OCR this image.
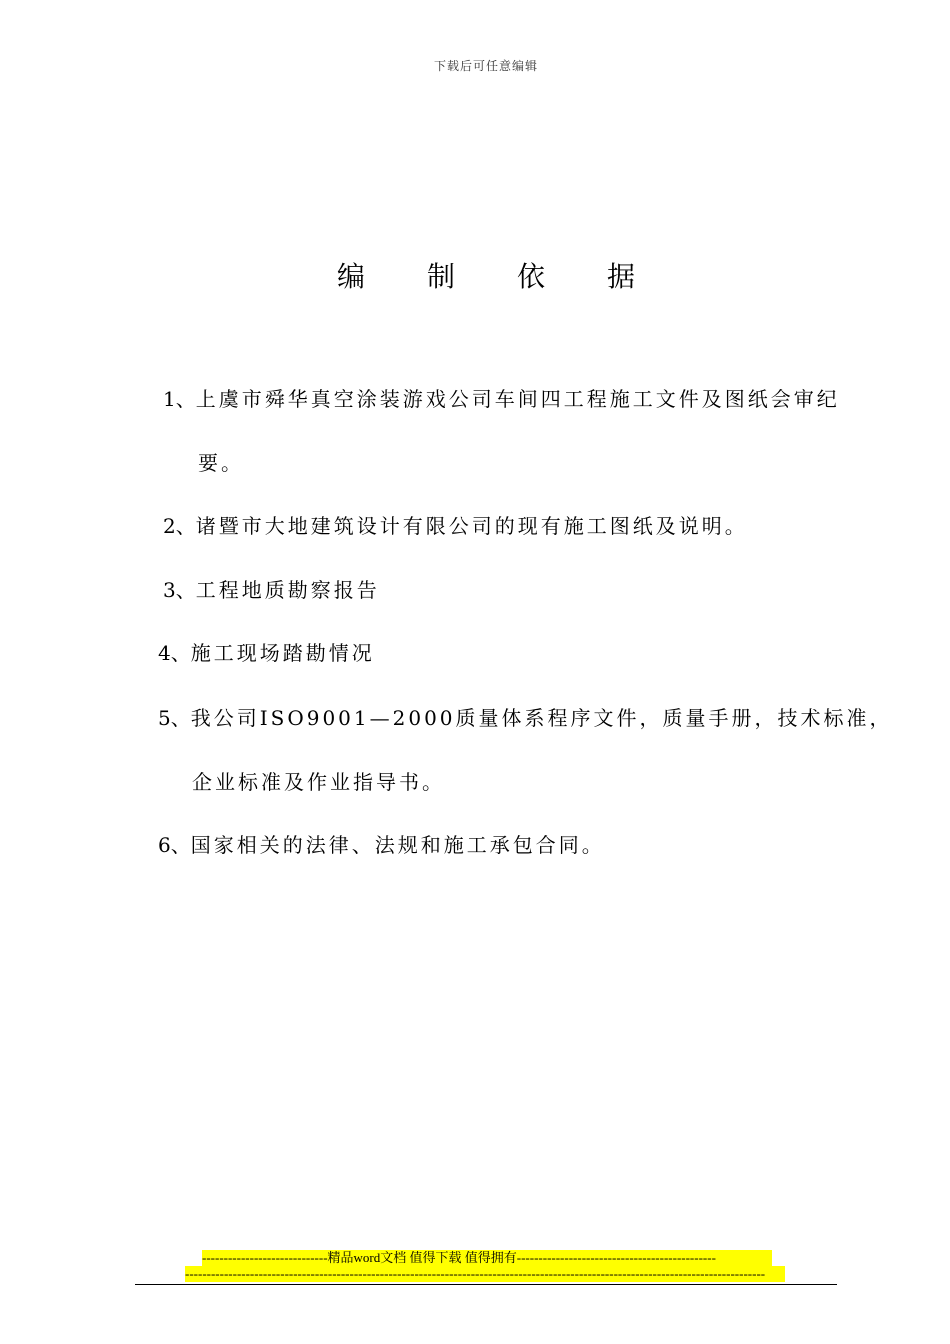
下载后可任意编辑
编制依据
1、上虞市舜华真空涂装游戏公司车间四工程施工文件及图纸会审纪
要。
2、诸暨市大地建筑设计有限公司的现有施工图纸及说明。
3、工程地质勘察报告
4、施工现场踏勘情况
5、我公司ISO9001—2000质量体系程序文件，质量手册，技术标准，
企业标准及作业指导书。
6、国家相关的法律、法规和施工承包合同。
-----------------------------精品word文档 值得下载 值得拥有----------------------------------------------
--------------------------------------------------------------------------------------------------------------------------------------
